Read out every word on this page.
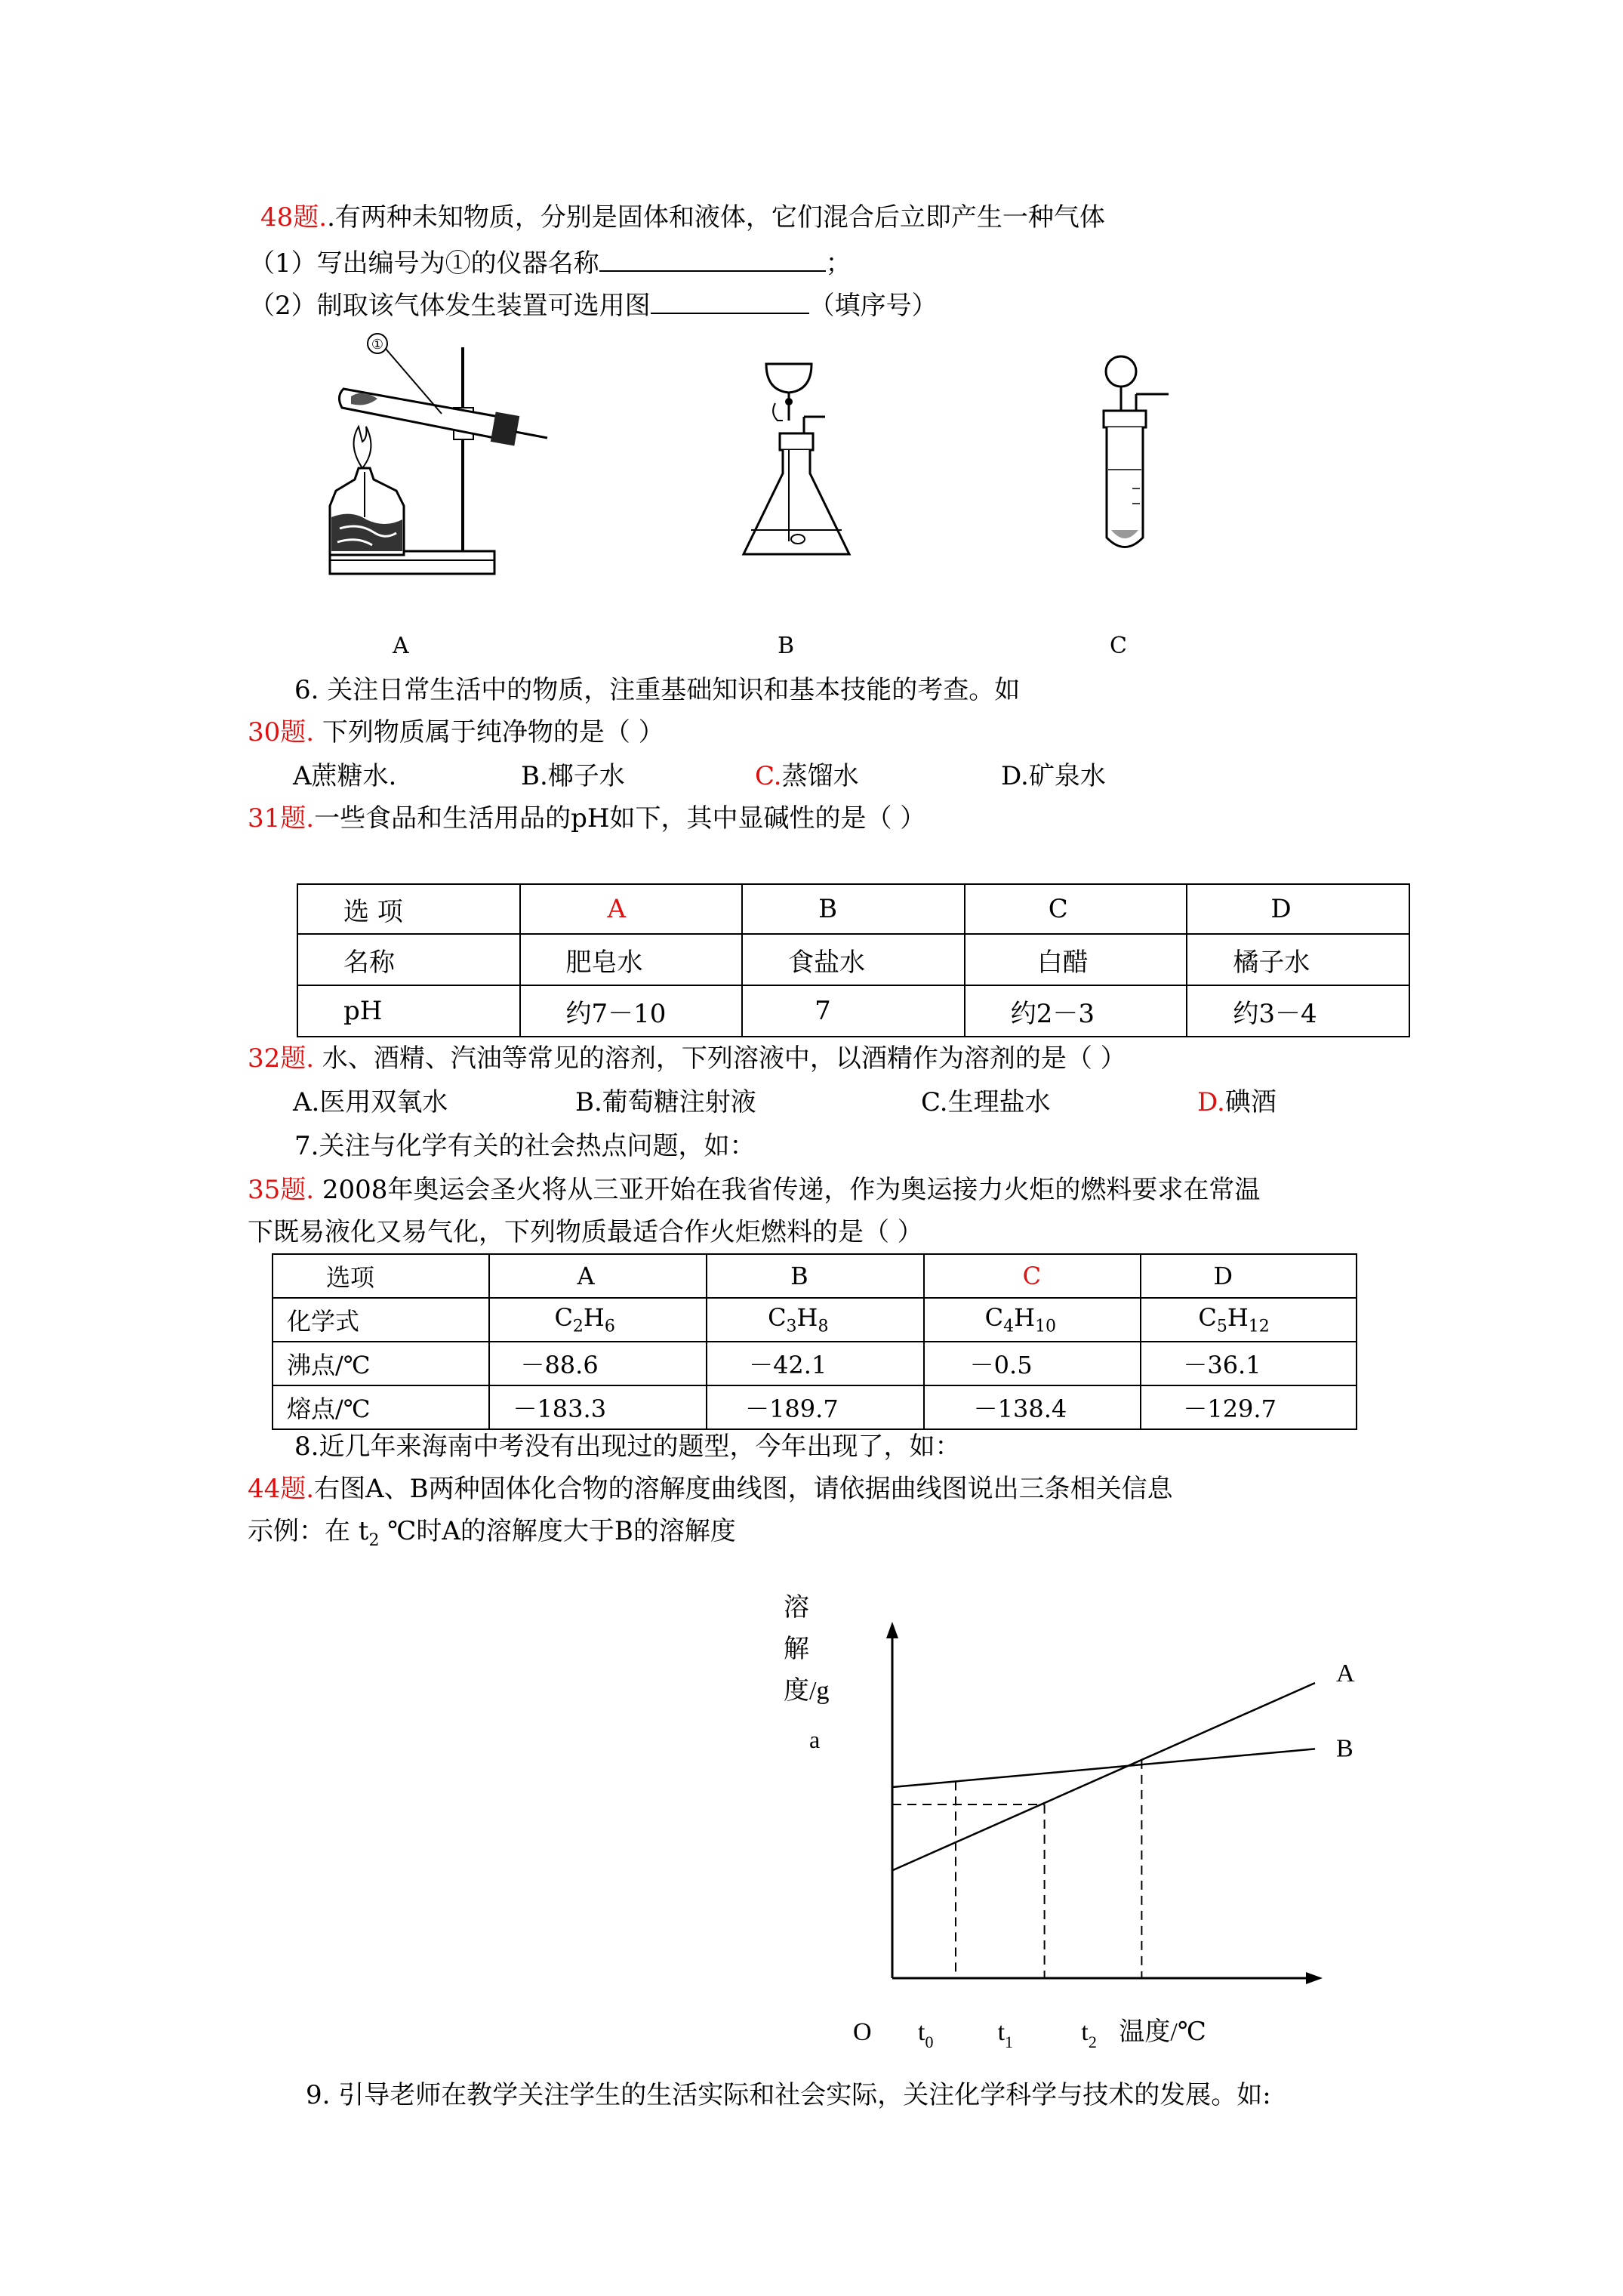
48题..有两种未知物质，分别是固体和液体，它们混合后立即产生一种气体
（1）写出编号为①的仪器名称	；
（2）制取该气体发生装置可选用图	（填序号）
①
A	B	C
6. 关注日常生活中的物质，注重基础知识和基本技能的考查。如
30题. 下列物质属于纯净物的是（ ）
A蔗糖水.	B.椰子水	C.蒸馏水	D.矿泉水
31题.一些食品和生活用品的pH如下，其中显碱性的是（ ）
选 项	A	B	C	D
名称	肥皂水	食盐水	白醋	橘子水
pH	约7－10	7	约2－3	约3－4
32题. 水、酒精、汽油等常见的溶剂，下列溶液中，以酒精作为溶剂的是（ ）
A.医用双氧水	B.葡萄糖注射液	C.生理盐水	D.碘酒
7.关注与化学有关的社会热点问题，如：
35题. 2008年奥运会圣火将从三亚开始在我省传递，作为奥运接力火炬的燃料要求在常温
下既易液化又易气化，下列物质最适合作火炬燃料的是（ ）
选项	A	B	C	D
化学式	$C_2H_6$	$C_3H_8$	$C_4H_{10}$	$C_5H_{12}$
沸点/℃	－88.6	－42.1	－0.5	－36.1
熔点/℃	－183.3	－189.7	－138.4	－129.7
8.近几年来海南中考没有出现过的题型，今年出现了，如：
44题.右图A、B两种固体化合物的溶解度曲线图，请依据曲线图说出三条相关信息
示例：在 $t_2$ ℃时A的溶解度大于B的溶解度
溶
解
度/g
a
A
B
O $t_0$	$t_1$	$t_2$ 温度/℃
9. 引导老师在教学关注学生的生活实际和社会实际，关注化学科学与技术的发展。如:
